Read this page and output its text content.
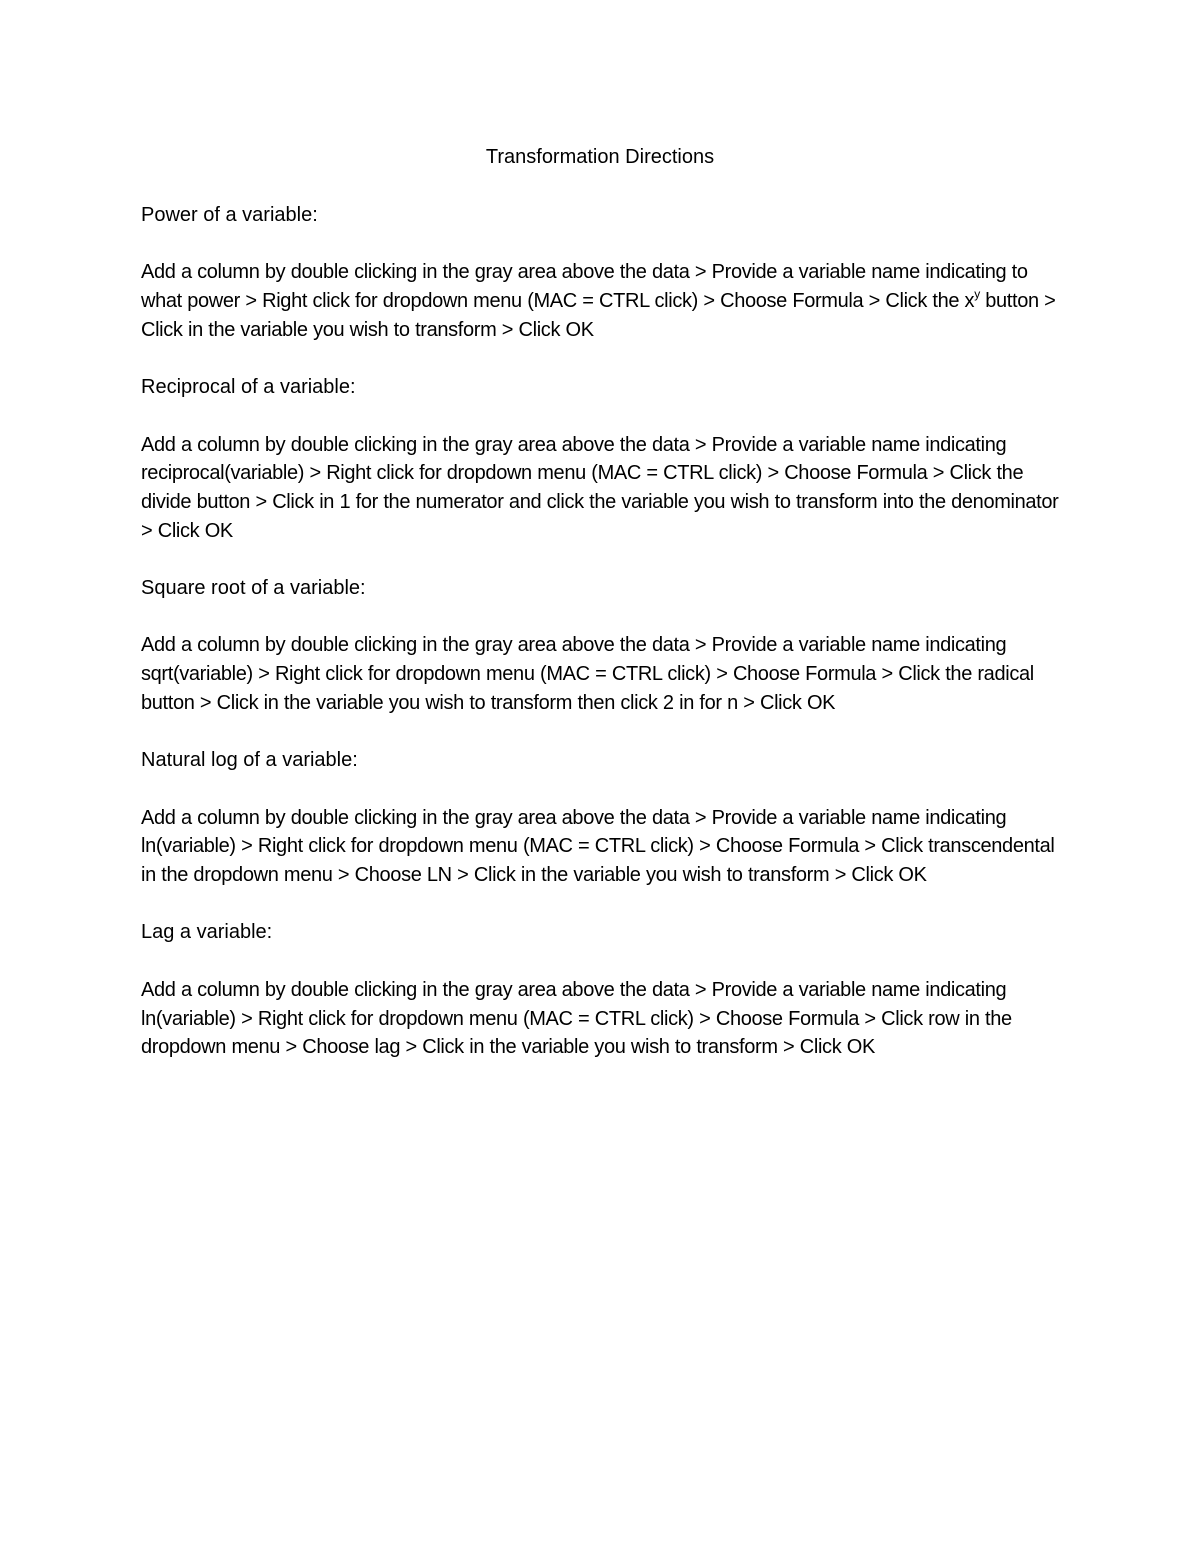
Transformation Directions

Power of a variable:

Add a column by double clicking in the gray area above the data > Provide a variable name indicating to what power > Right click for dropdown menu (MAC = CTRL click) > Choose Formula > Click the $x^y$ button > Click in the variable you wish to transform > Click OK

Reciprocal of a variable:

Add a column by double clicking in the gray area above the data > Provide a variable name indicating reciprocal(variable) > Right click for dropdown menu (MAC = CTRL click) > Choose Formula > Click the divide button > Click in 1 for the numerator and click the variable you wish to transform into the denominator > Click OK

Square root of a variable:

Add a column by double clicking in the gray area above the data > Provide a variable name indicating sqrt(variable) > Right click for dropdown menu (MAC = CTRL click) > Choose Formula > Click the radical button > Click in the variable you wish to transform then click 2 in for n > Click OK

Natural log of a variable:

Add a column by double clicking in the gray area above the data > Provide a variable name indicating ln(variable) > Right click for dropdown menu (MAC = CTRL click) > Choose Formula > Click transcendental in the dropdown menu > Choose LN > Click in the variable you wish to transform > Click OK

Lag a variable:

Add a column by double clicking in the gray area above the data > Provide a variable name indicating ln(variable) > Right click for dropdown menu (MAC = CTRL click) > Choose Formula > Click row in the dropdown menu > Choose lag > Click in the variable you wish to transform > Click OK
